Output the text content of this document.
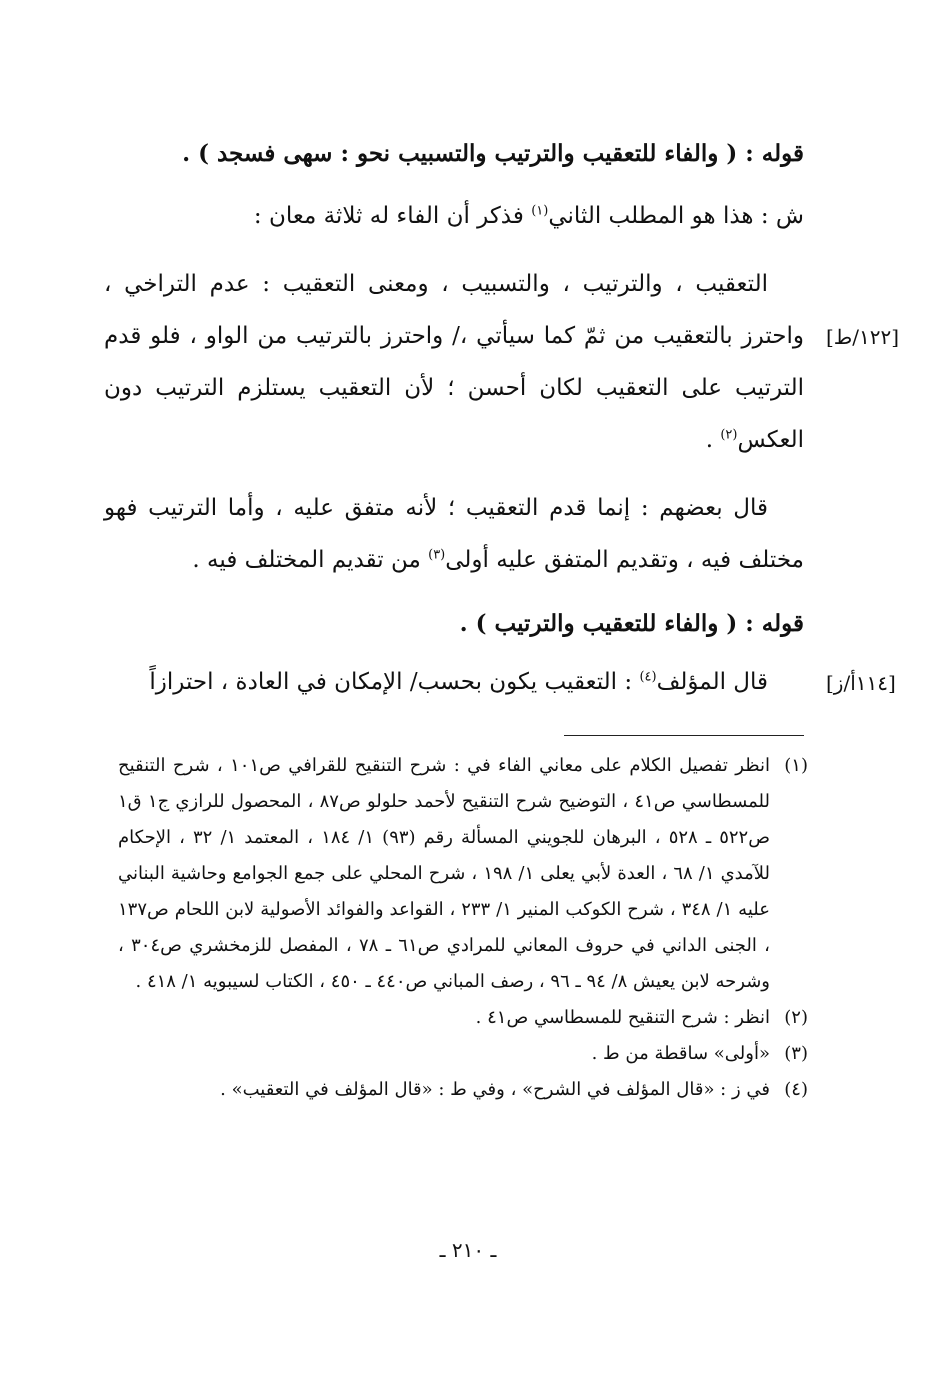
قوله : ( والفاء للتعقيب والترتيب والتسبيب نحو : سهى فسجد ) .

ش : هذا هو المطلب الثاني$^{(١)}$ فذكر أن الفاء له ثلاثة معان :

التعقيب ، والترتيب ، والتسبيب ، ومعنى التعقيب : عدم التراخي ، واحترز بالتعقيب من ثمّ كما سيأتي ،/ واحترز بالترتيب من الواو ، فلو قدم الترتيب على التعقيب لكان أحسن ؛ لأن التعقيب يستلزم الترتيب دون العكس$^{(٢)}$ .

قال بعضهم : إنما قدم التعقيب ؛ لأنه متفق عليه ، وأما الترتيب فهو مختلف فيه ، وتقديم المتفق عليه أولى$^{(٣)}$ من تقديم المختلف فيه .

قوله : ( والفاء للتعقيب والترتيب ) .

قال المؤلف$^{(٤)}$ : التعقيب يكون بحسب/ الإمكان في العادة ، احترازاً

[١٢٢/ط]
[١١٤أ/ز]
(١)
انظر تفصيل الكلام على معاني الفاء في : شرح التنقيح للقرافي ص١٠١ ، شرح التنقيح للمسطاسي ص٤١ ، التوضيح شرح التنقيح لأحمد حلولو ص٨٧ ، المحصول للرازي ج١ ق١ ص٥٢٢ ـ ٥٢٨ ، البرهان للجويني المسألة رقم (٩٣) ١/ ١٨٤ ، المعتمد ١/ ٣٢ ، الإحكام للآمدي ١/ ٦٨ ، العدة لأبي يعلى ١/ ١٩٨ ، شرح المحلي على جمع الجوامع وحاشية البناني عليه ١/ ٣٤٨ ، شرح الكوكب المنير ١/ ٢٣٣ ، القواعد والفوائد الأصولية لابن اللحام ص١٣٧ ، الجنى الداني في حروف المعاني للمرادي ص٦١ ـ ٧٨ ، المفصل للزمخشري ص٣٠٤ ، وشرحه لابن يعيش ٨/ ٩٤ ـ ٩٦ ، رصف المباني ص٤٤٠ ـ ٤٥٠ ، الكتاب لسيبويه ١/ ٤١٨ .
(٢)
انظر : شرح التنقيح للمسطاسي ص٤١ .
(٣)
«أولى» ساقطة من ط .
(٤)
في ز : «قال المؤلف في الشرح» ، وفي ط : «قال المؤلف في التعقيب» .
ـ ٢١٠ ـ
